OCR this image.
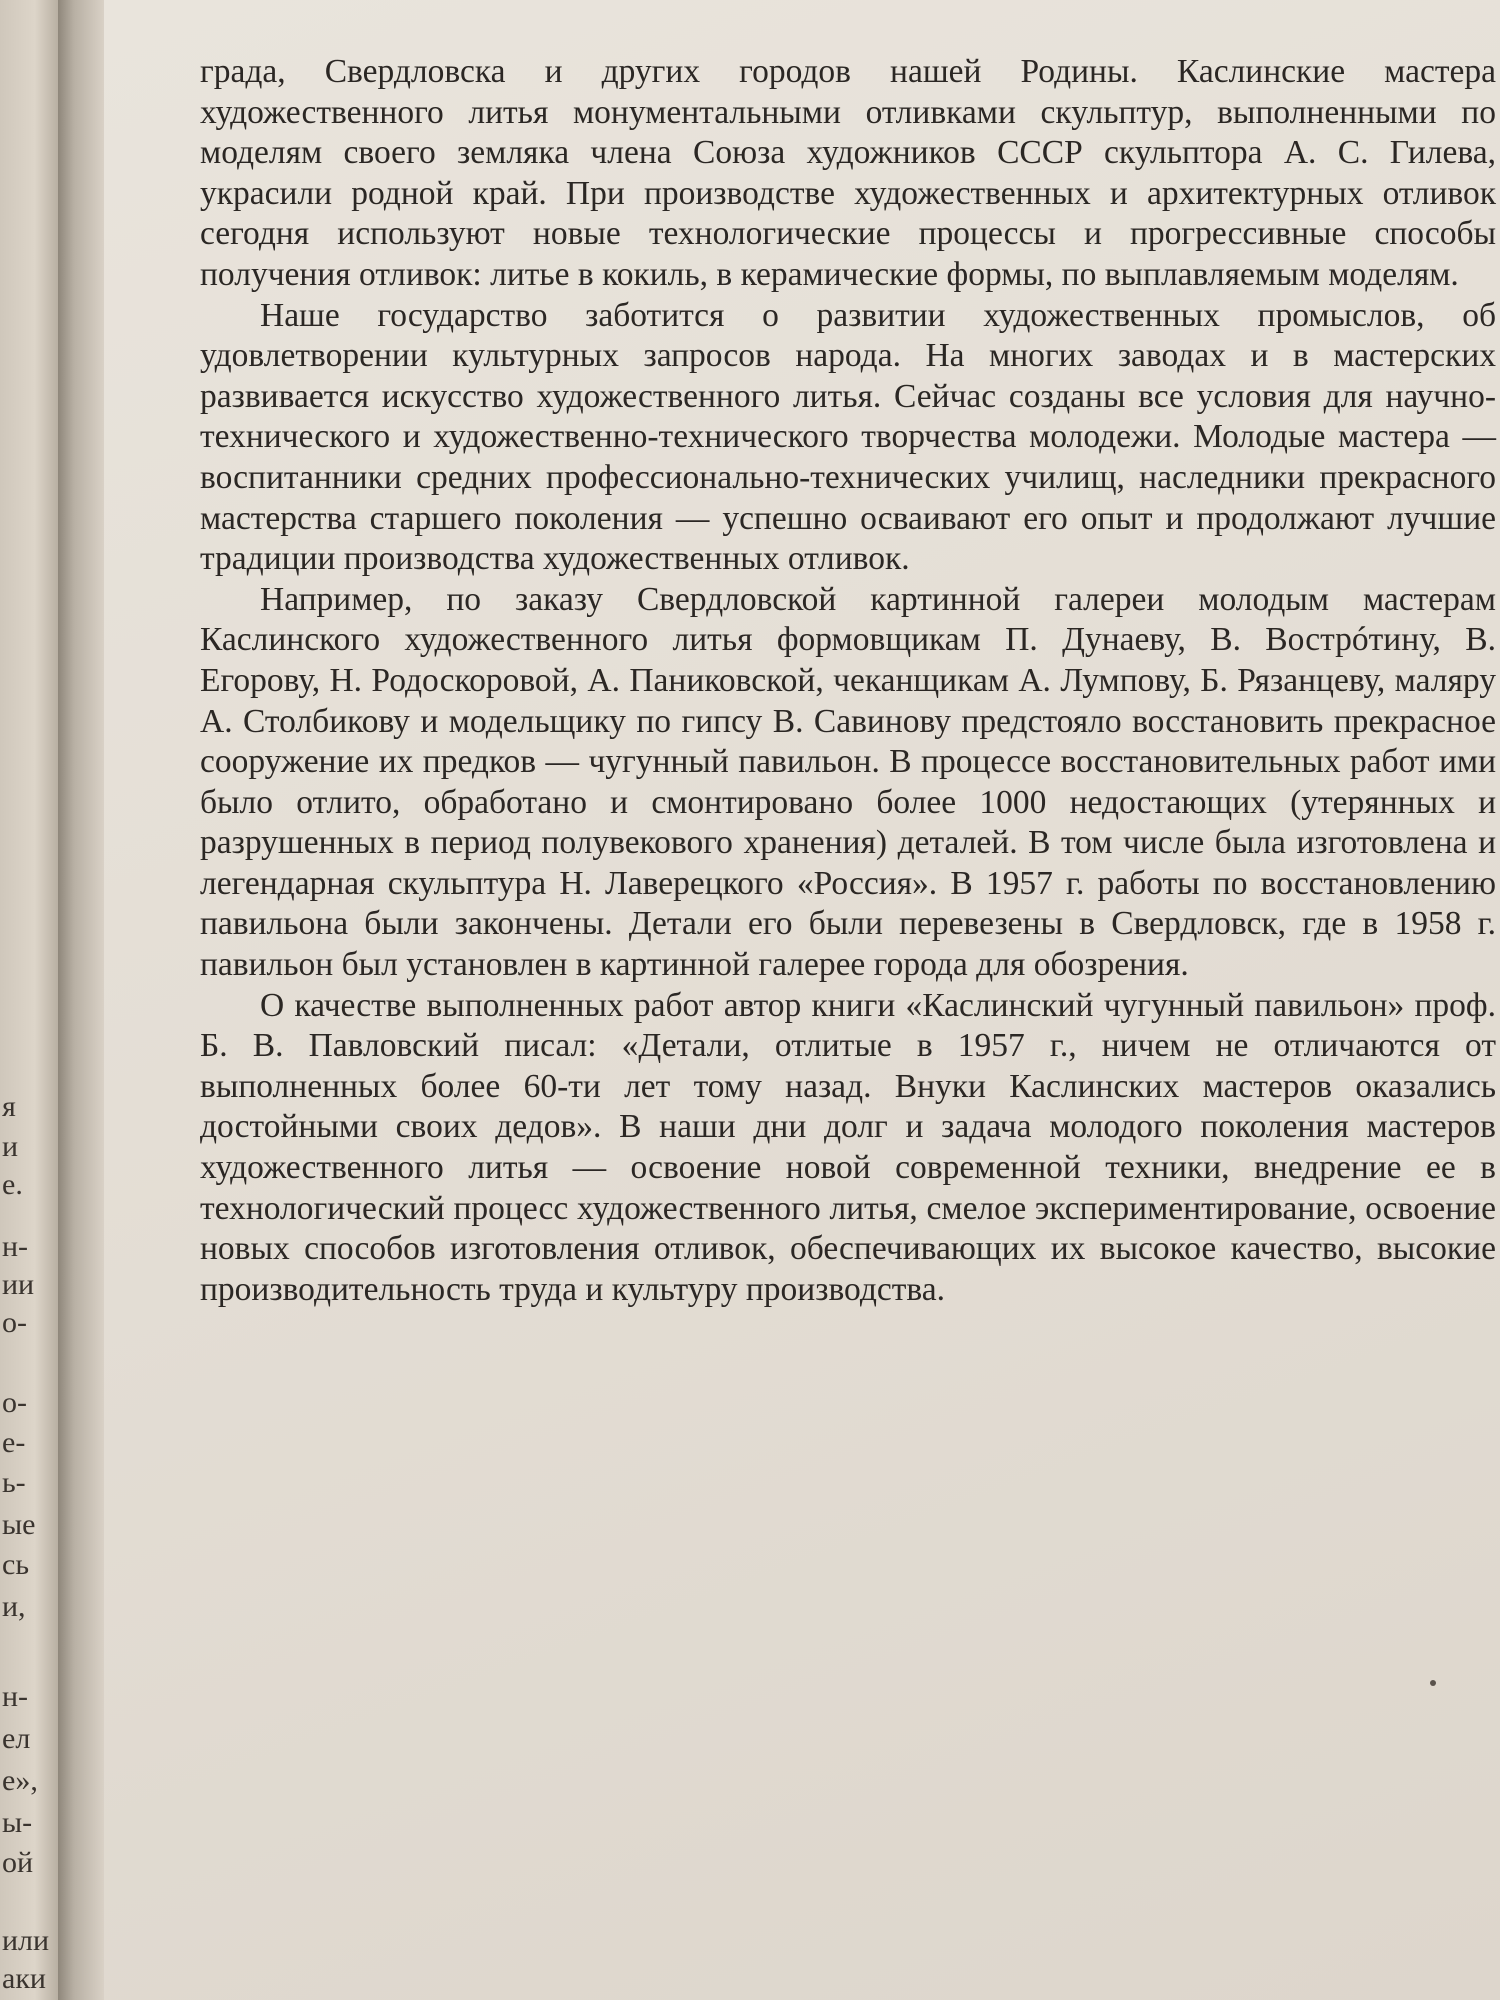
я
и
е.
н-
ии
о-
о-
е-
ь-
ые
сь
и,
н-
ел
е»,
ы-
ой
или
аки

града, Свердловска и других городов нашей Родины. Каслинские мастера художественного литья монументальными отливками скульптур, выполненными по моделям своего земляка члена Союза художников СССР скульптора А. С. Гилева, украсили родной край. При производстве художественных и архитектурных отливок сегодня используют новые технологические процессы и прогрессивные способы получения отливок: литье в кокиль, в керамические формы, по выплавляемым моделям.

Наше государство заботится о развитии художественных промыслов, об удовлетворении культурных запросов народа. На многих заводах и в мастерских развивается искусство художественного литья. Сейчас созданы все условия для научно-технического и художественно-технического творчества молодежи. Молодые мастера — воспитанники средних профессионально-технических училищ, наследники прекрасного мастерства старшего поколения — успешно осваивают его опыт и продолжают лучшие традиции производства художественных отливок.

Например, по заказу Свердловской картинной галереи молодым мастерам Каслинского художественного литья формовщикам П. Дунаеву, В. Вострóтину, В. Егорову, Н. Родоскоровой, А. Паниковской, чеканщикам А. Лумпову, Б. Рязанцеву, маляру А. Столбикову и модельщику по гипсу В. Савинову предстояло восстановить прекрасное сооружение их предков — чугунный павильон. В процессе восстановительных работ ими было отлито, обработано и смонтировано более 1000 недостающих (утерянных и разрушенных в период полувекового хранения) деталей. В том числе была изготовлена и легендарная скульптура Н. Лаверецкого «Россия». В 1957 г. работы по восстановлению павильона были закончены. Детали его были перевезены в Свердловск, где в 1958 г. павильон был установлен в картинной галерее города для обозрения.

О качестве выполненных работ автор книги «Каслинский чугунный павильон» проф. Б. В. Павловский писал: «Детали, отлитые в 1957 г., ничем не отличаются от выполненных более 60-ти лет тому назад. Внуки Каслинских мастеров оказались достойными своих дедов». В наши дни долг и задача молодого поколения мастеров художественного литья — освоение новой современной техники, внедрение ее в технологический процесс художественного литья, смелое экспериментирование, освоение новых способов изготовления отливок, обеспечивающих их высокое качество, высокие производительность труда и культуру производства.
